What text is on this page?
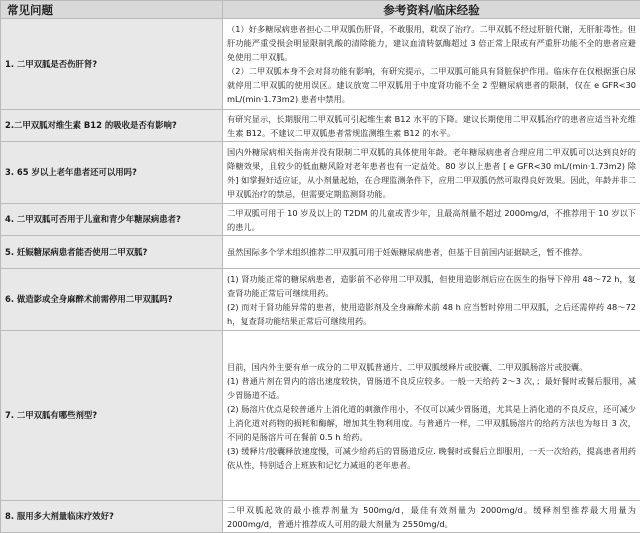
常见问题	参考资料/临床经验
1. 二甲双胍是否伤肝肾?	（1）好多糖尿病患者担心二甲双胍伤肝肾，不敢服用，耽误了治疗。二甲双胍不经过肝脏代谢，无肝脏毒性。但肝功能严重受损会明显限制乳酸的清除能力，建议血清转氨酶超过 3 倍正常上限或有严重肝功能不全的患者应避免使用二甲双胍。
（2）二甲双胍本身不会对肾功能有影响，有研究提示，二甲双胍可能具有肾脏保护作用。临床存在仅根据蛋白尿就停用二甲双胍的使用误区。建议放宽二甲双胍用于中度肾功能不全 2 型糖尿病患者的限制，仅在 e GFR<30 mL/(min·1.73m2) 患者中禁用。

2.二甲双胍对维生素 B12 的吸收是否有影响?	有研究显示，长期服用二甲双胍可引起维生素 B12 水平的下降。建议长期使用二甲双胍治疗的患者应适当补充维生素 B12。不建议二甲双胍患者常规监测维生素 B12 的水平。

3. 65 岁以上老年患者还可以用吗?	国内外糖尿病相关指南并没有限制二甲双胍的具体使用年龄。老年糖尿病患者合理应用二甲双胍可以达到良好的降糖效果，且较少的低血糖风险对老年患者也有一定益处。80 岁以上患者 [ e GFR<30 mL/(min·1.73m2) 除外] 如掌握好适应证，从小剂量起始，在合理监测条件下，应用二甲双胍仍然可取得良好效果。因此，年龄并非二甲双胍治疗的禁忌，但需要定期监测肾功能。

4. 二甲双胍可否用于儿童和青少年糖尿病患者?	二甲双胍可用于 10 岁及以上的 T2DM 的儿童或青少年，且最高剂量不超过 2000mg/d，不推荐用于 10 岁以下的患儿。

5. 妊娠糖尿病患者能否使用二甲双胍?	虽然国际多个学术组织推荐二甲双胍可用于妊娠糖尿病患者，但基于目前国内证据缺乏，暂不推荐。

6. 做造影或全身麻醉术前需停用二甲双胍吗?	(1) 肾功能正常的糖尿病患者，造影前不必停用二甲双胍，但使用造影剂后应在医生的指导下停用 48～72 h，复查肾功能正常后可继续用药。
(2) 而对于肾功能异常的患者，使用造影剂及全身麻醉术前 48 h 应当暂时停用二甲双胍，之后还需停药 48～72 h，复查肾功能结果正常后可继续用药。

7. 二甲双胍有哪些剂型?	目前，国内外主要有单一成分的二甲双胍普通片、二甲双胍缓释片或胶囊、二甲双胍肠溶片或胶囊。
(1) 普通片剂在胃内的溶出速度较快，胃肠道不良反应较多。一般一天给药 2～3 次，；最好餐时或餐后服用，减少胃肠道不适。
(2) 肠溶片优点是较普通片上消化道的刺激作用小，不仅可以减少胃肠道，尤其是上消化道的不良反应，还可减少上消化道对药物的损耗和酶解，增加其生物利用度。与普通片一样，二甲双胍肠溶片的给药方法也为每日 3 次，不同的是肠溶片可在餐前 0.5 h 给药。
(3) 缓释片/胶囊释放速度慢，可减少给药后的胃肠道反应. 晚餐时或餐后立即服用，一天一次给药，提高患者用药依从性，特别适合上班族和记忆力减退的老年患者。

8. 服用多大剂量临床疗效好?	二甲双胍起效的最小推荐剂量为 500mg/d，最佳有效剂量为 2000mg/d。缓释剂型推荐最大用量为 2000mg/d，普通片推荐成人可用的最大剂量为 2550mg/d。
